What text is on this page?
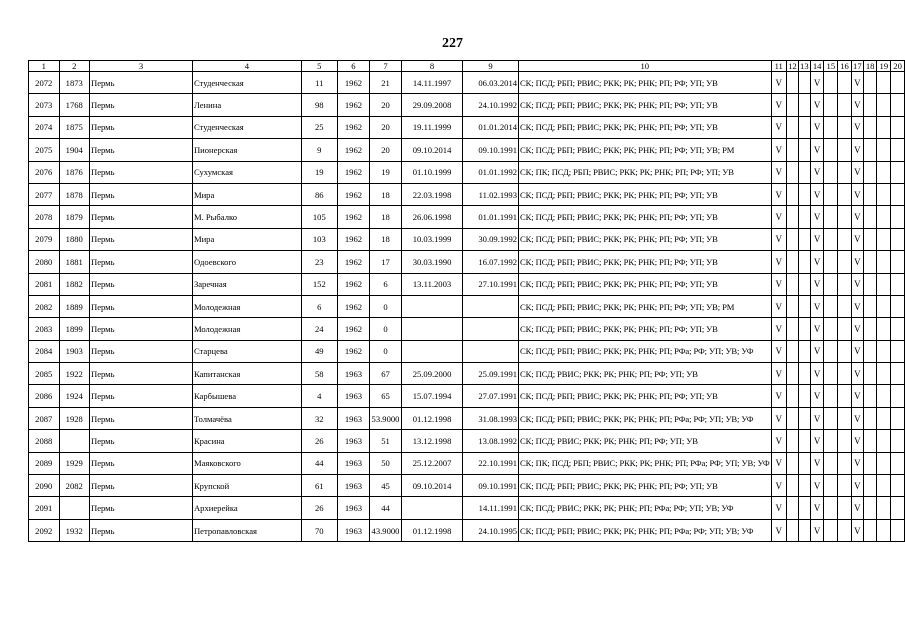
227
1	2	3	4	5	6	7	8	9	10	11	12	13	14	15	16	17	18	19	20
2072	1873	Пермь	Студенческая	11	1962	21	14.11.1997	06.03.2014	СК; ПСД; РБП; РВИС; РКК; РК; РНК; РП; РФ; УП; УВ	V			V			V			
2073	1768	Пермь	Ленина	98	1962	20	29.09.2008	24.10.1992	СК; ПСД; РБП; РВИС; РКК; РК; РНК; РП; РФ; УП; УВ	V			V			V			
2074	1875	Пермь	Студенческая	25	1962	20	19.11.1999	01.01.2014	СК; ПСД; РБП; РВИС; РКК; РК; РНК; РП; РФ; УП; УВ	V			V			V			
2075	1904	Пермь	Пионерская	9	1962	20	09.10.2014	09.10.1991	СК; ПСД; РБП; РВИС; РКК; РК; РНК; РП; РФ; УП; УВ; РМ	V			V			V			
2076	1876	Пермь	Сухумская	19	1962	19	01.10.1999	01.01.1992	СК; ПК; ПСД; РБП; РВИС; РКК; РК; РНК; РП; РФ; УП; УВ	V			V			V			
2077	1878	Пермь	Мира	86	1962	18	22.03.1998	11.02.1993	СК; ПСД; РБП; РВИС; РКК; РК; РНК; РП; РФ; УП; УВ	V			V			V			
2078	1879	Пермь	М. Рыбалко	105	1962	18	26.06.1998	01.01.1991	СК; ПСД; РБП; РВИС; РКК; РК; РНК; РП; РФ; УП; УВ	V			V			V			
2079	1880	Пермь	Мира	103	1962	18	10.03.1999	30.09.1992	СК; ПСД; РБП; РВИС; РКК; РК; РНК; РП; РФ; УП; УВ	V			V			V			
2080	1881	Пермь	Одоевского	23	1962	17	30.03.1990	16.07.1992	СК; ПСД; РБП; РВИС; РКК; РК; РНК; РП; РФ; УП; УВ	V			V			V			
2081	1882	Пермь	Заречная	152	1962	6	13.11.2003	27.10.1991	СК; ПСД; РБП; РВИС; РКК; РК; РНК; РП; РФ; УП; УВ	V			V			V			
2082	1889	Пермь	Молодежная	6	1962	0			СК; ПСД; РБП; РВИС; РКК; РК; РНК; РП; РФ; УП; УВ; РМ	V			V			V			
2083	1899	Пермь	Молодежная	24	1962	0			СК; ПСД; РБП; РВИС; РКК; РК; РНК; РП; РФ; УП; УВ	V			V			V			
2084	1903	Пермь	Старцева	49	1962	0			СК; ПСД; РБП; РВИС; РКК; РК; РНК; РП; РФа; РФ; УП; УВ; УФ	V			V			V			
2085	1922	Пермь	Капитанская	58	1963	67	25.09.2000	25.09.1991	СК; ПСД; РВИС; РКК; РК; РНК; РП; РФ; УП; УВ	V			V			V			
2086	1924	Пермь	Карбышева	4	1963	65	15.07.1994	27.07.1991	СК; ПСД; РБП; РВИС; РКК; РК; РНК; РП; РФ; УП; УВ	V			V			V			
2087	1928	Пермь	Толмачёва	32	1963	53.9000	01.12.1998	31.08.1993	СК; ПСД; РБП; РВИС; РКК; РК; РНК; РП; РФа; РФ; УП; УВ; УФ	V			V			V			
2088		Пермь	Красина	26	1963	51	13.12.1998	13.08.1992	СК; ПСД; РВИС; РКК; РК; РНК; РП; РФ; УП; УВ	V			V			V			
2089	1929	Пермь	Маяковского	44	1963	50	25.12.2007	22.10.1991	СК; ПК; ПСД; РБП; РВИС; РКК; РК; РНК; РП; РФа; РФ; УП; УВ; УФ	V			V			V			
2090	2082	Пермь	Крупской	61	1963	45	09.10.2014	09.10.1991	СК; ПСД; РБП; РВИС; РКК; РК; РНК; РП; РФ; УП; УВ	V			V			V			
2091		Пермь	Архиерейка	26	1963	44		14.11.1991	СК; ПСД; РВИС; РКК; РК; РНК; РП; РФа; РФ; УП; УВ; УФ	V			V			V			
2092	1932	Пермь	Петропавловская	70	1963	43.9000	01.12.1998	24.10.1995	СК; ПСД; РБП; РВИС; РКК; РК; РНК; РП; РФа; РФ; УП; УВ; УФ	V			V			V			
